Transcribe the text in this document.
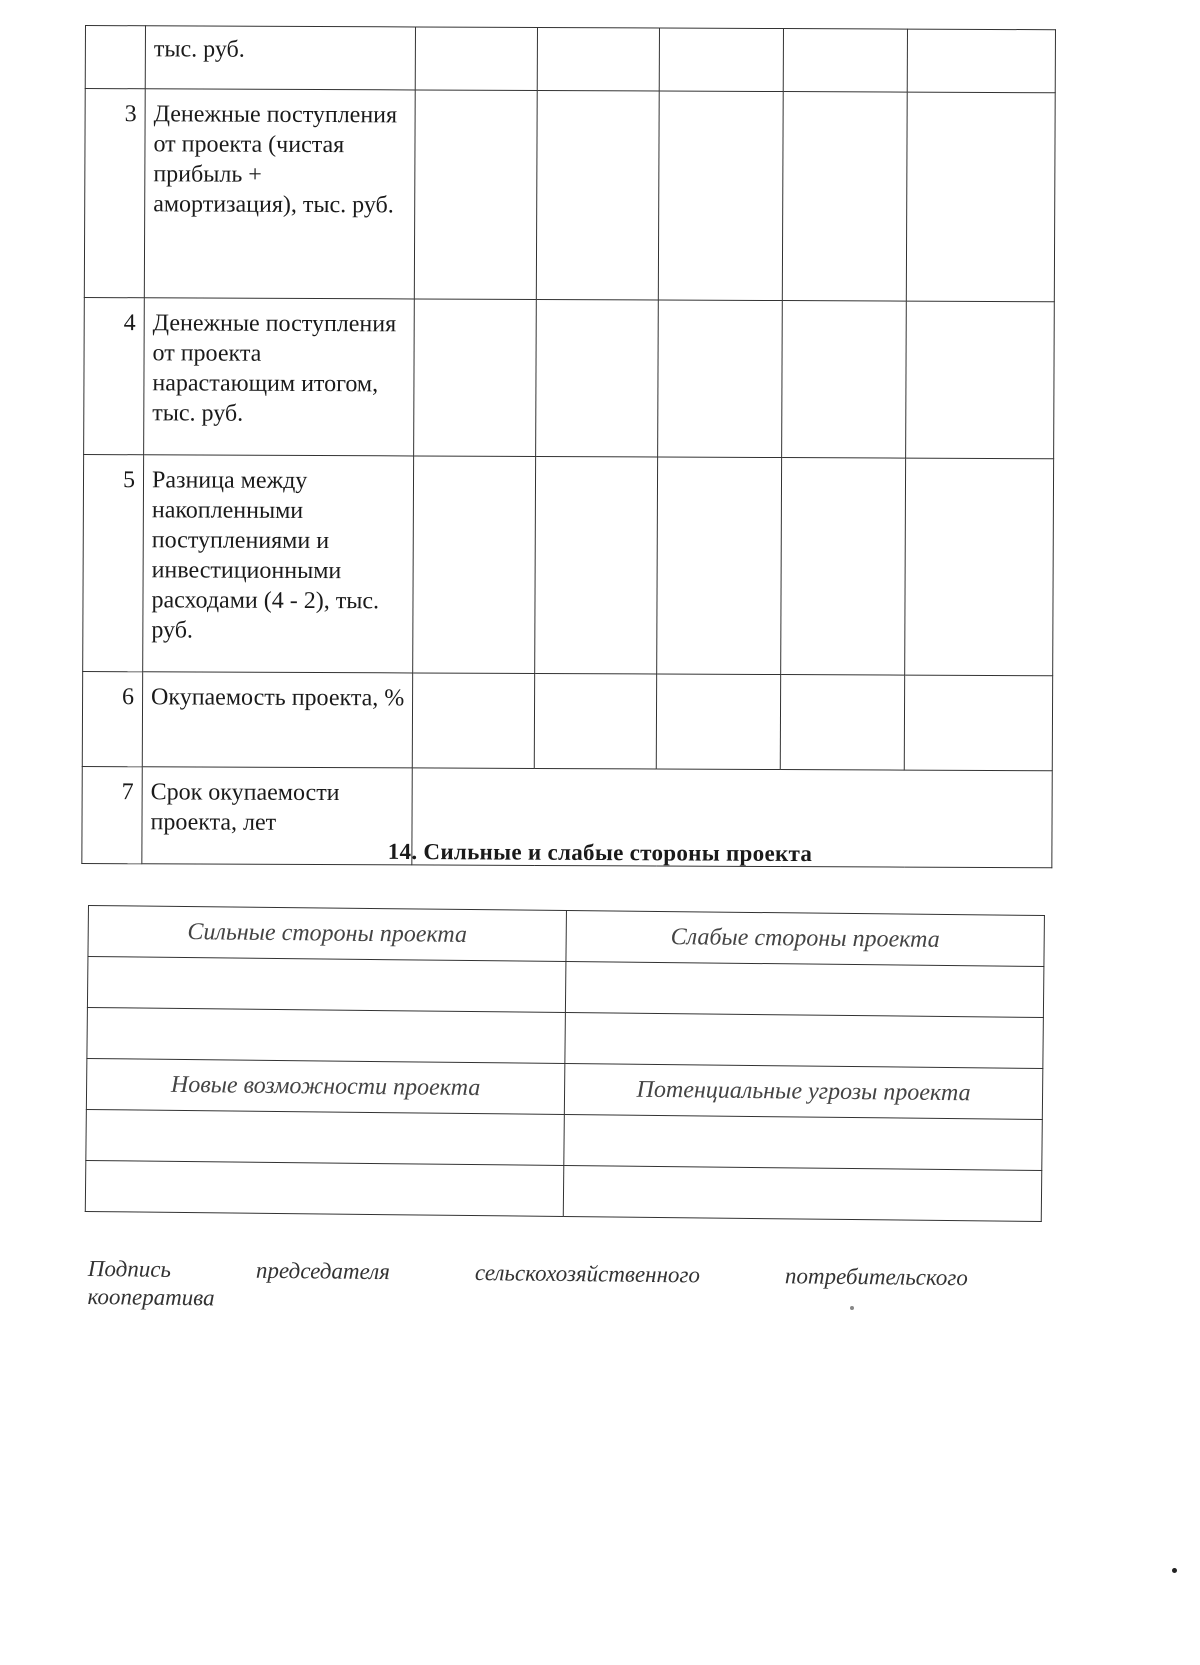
	тыс. руб.					
3	Денежные поступления от проекта (чистая прибыль + амортизация), тыс. руб.					
4	Денежные поступления от проекта нарастающим итогом, тыс. руб.					
5	Разница между накопленными поступлениями и инвестиционными расходами (4 - 2), тыс. руб.					
6	Окупаемость проекта, %					
7	Срок окупаемости проекта, лет					
14. Сильные и слабые стороны проекта
Сильные стороны проекта	Слабые стороны проекта

Новые возможности проекта	Потенциальные угрозы проекта

Подпись	председателя	сельскохозяйственного	потребительского
кооператива
